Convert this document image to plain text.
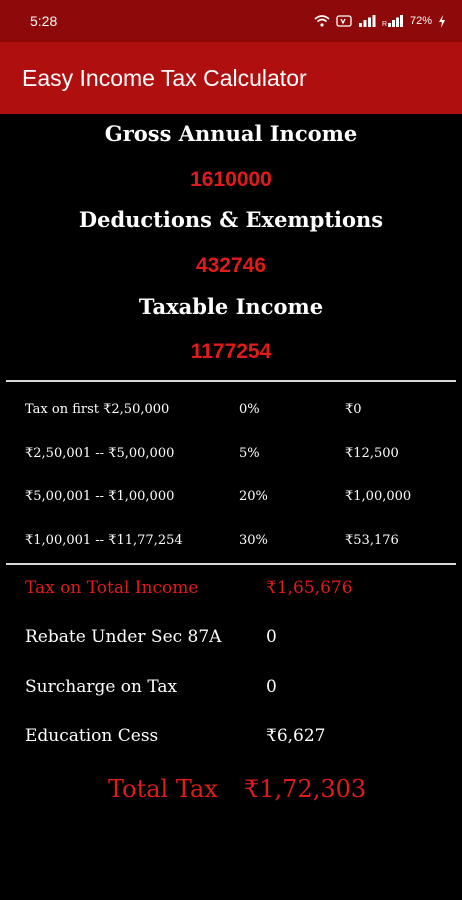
5:28	R 72%
Easy Income Tax Calculator
Gross Annual Income
1610000
Deductions & Exemptions
432746
Taxable Income
1177254
Tax on first ₹2,50,000	0%	₹0
₹2,50,001 -- ₹5,00,000	5%	₹12,500
₹5,00,001 -- ₹1,00,000	20%	₹1,00,000
₹1,00,001 -- ₹11,77,254	30%	₹53,176
Tax on Total Income	₹1,65,676
Rebate Under Sec 87A	0
Surcharge on Tax	0
Education Cess	₹6,627
Total Tax ₹1,72,303
